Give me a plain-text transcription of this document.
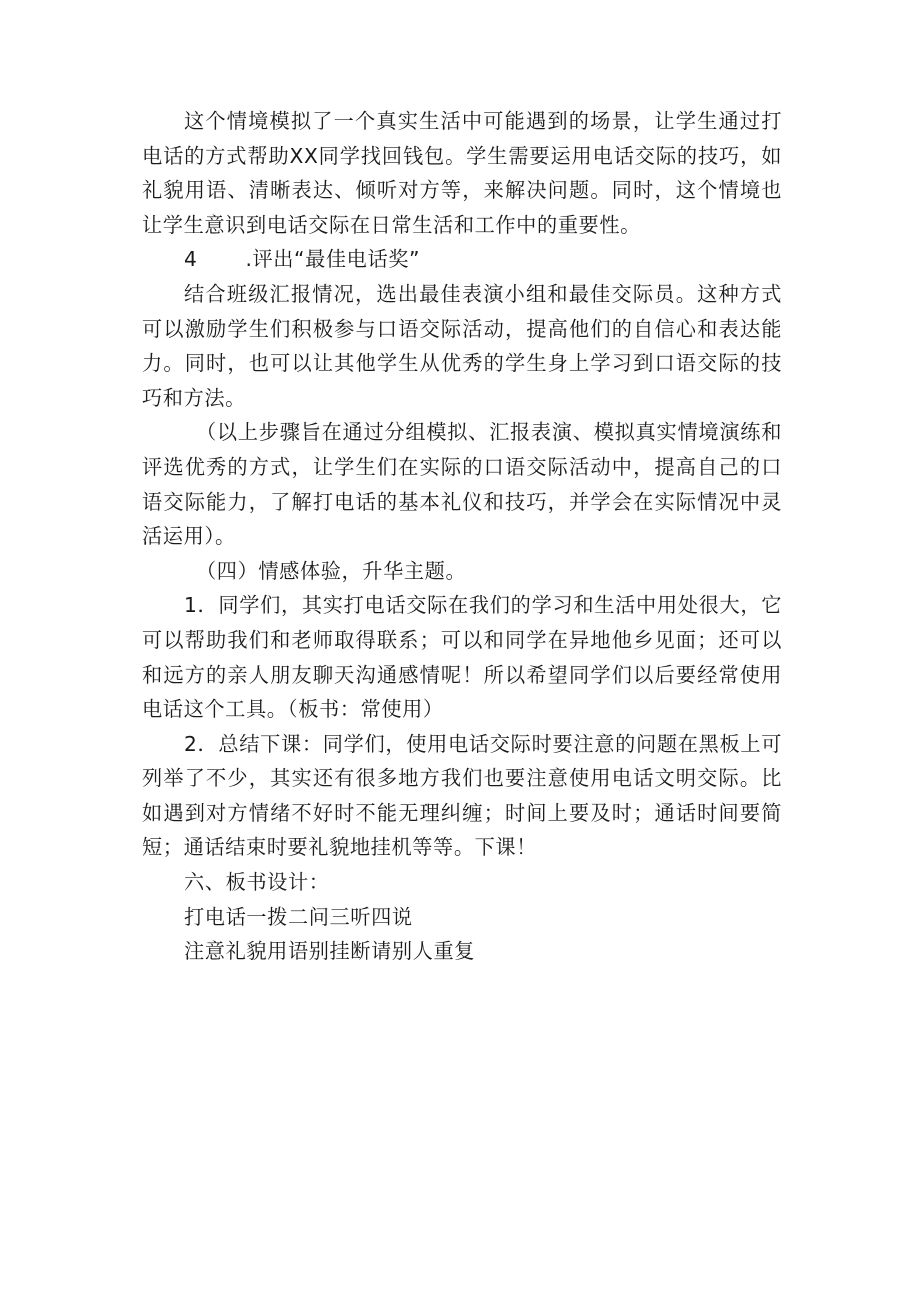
这个情境模拟了一个真实生活中可能遇到的场景，让学生通过打电话的方式帮助XX同学找回钱包。学生需要运用电话交际的技巧，如礼貌用语、清晰表达、倾听对方等，来解决问题。同时，这个情境也让学生意识到电话交际在日常生活和工作中的重要性。

4 .评出“最佳电话奖”

结合班级汇报情况，选出最佳表演小组和最佳交际员。这种方式可以激励学生们积极参与口语交际活动，提高他们的自信心和表达能力。同时，也可以让其他学生从优秀的学生身上学习到口语交际的技巧和方法。

（以上步骤旨在通过分组模拟、汇报表演、模拟真实情境演练和评选优秀的方式，让学生们在实际的口语交际活动中，提高自己的口语交际能力，了解打电话的基本礼仪和技巧，并学会在实际情况中灵活运用）。

（四）情感体验，升华主题。

1．同学们，其实打电话交际在我们的学习和生活中用处很大，它可以帮助我们和老师取得联系；可以和同学在异地他乡见面；还可以和远方的亲人朋友聊天沟通感情呢！所以希望同学们以后要经常使用电话这个工具。（板书：常使用）

2．总结下课：同学们，使用电话交际时要注意的问题在黑板上可列举了不少，其实还有很多地方我们也要注意使用电话文明交际。比如遇到对方情绪不好时不能无理纠缠；时间上要及时；通话时间要简短；通话结束时要礼貌地挂机等等。下课！

六、板书设计：

打电话一拨二问三听四说

注意礼貌用语别挂断请别人重复
